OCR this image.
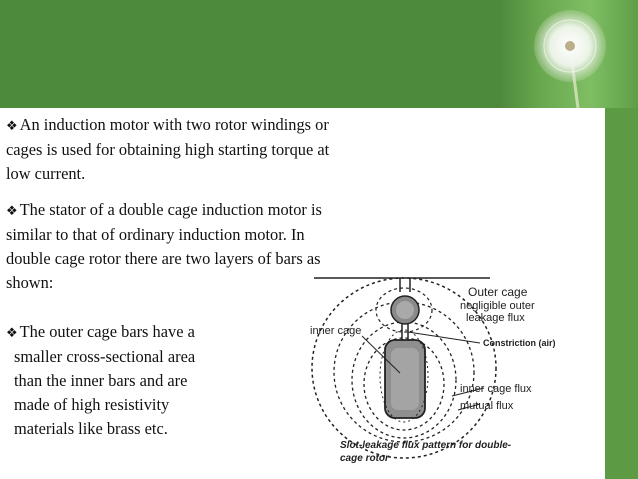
❖ An induction motor with two rotor windings or
cages is used for obtaining high starting torque at
low current.

❖ The stator of a double cage induction motor is
similar to that of ordinary induction motor. In
double cage rotor there are two layers of bars as
shown:

❖ The outer cage bars have a
smaller cross-sectional area
than the inner bars and are
made of high resistivity
materials like brass etc.
Outer cage
negligible outer
leakage flux
inner cage
Constriction (air)
inner cage flux
mutual flux
Slot-leakage flux pattern for double-
cage rotor
